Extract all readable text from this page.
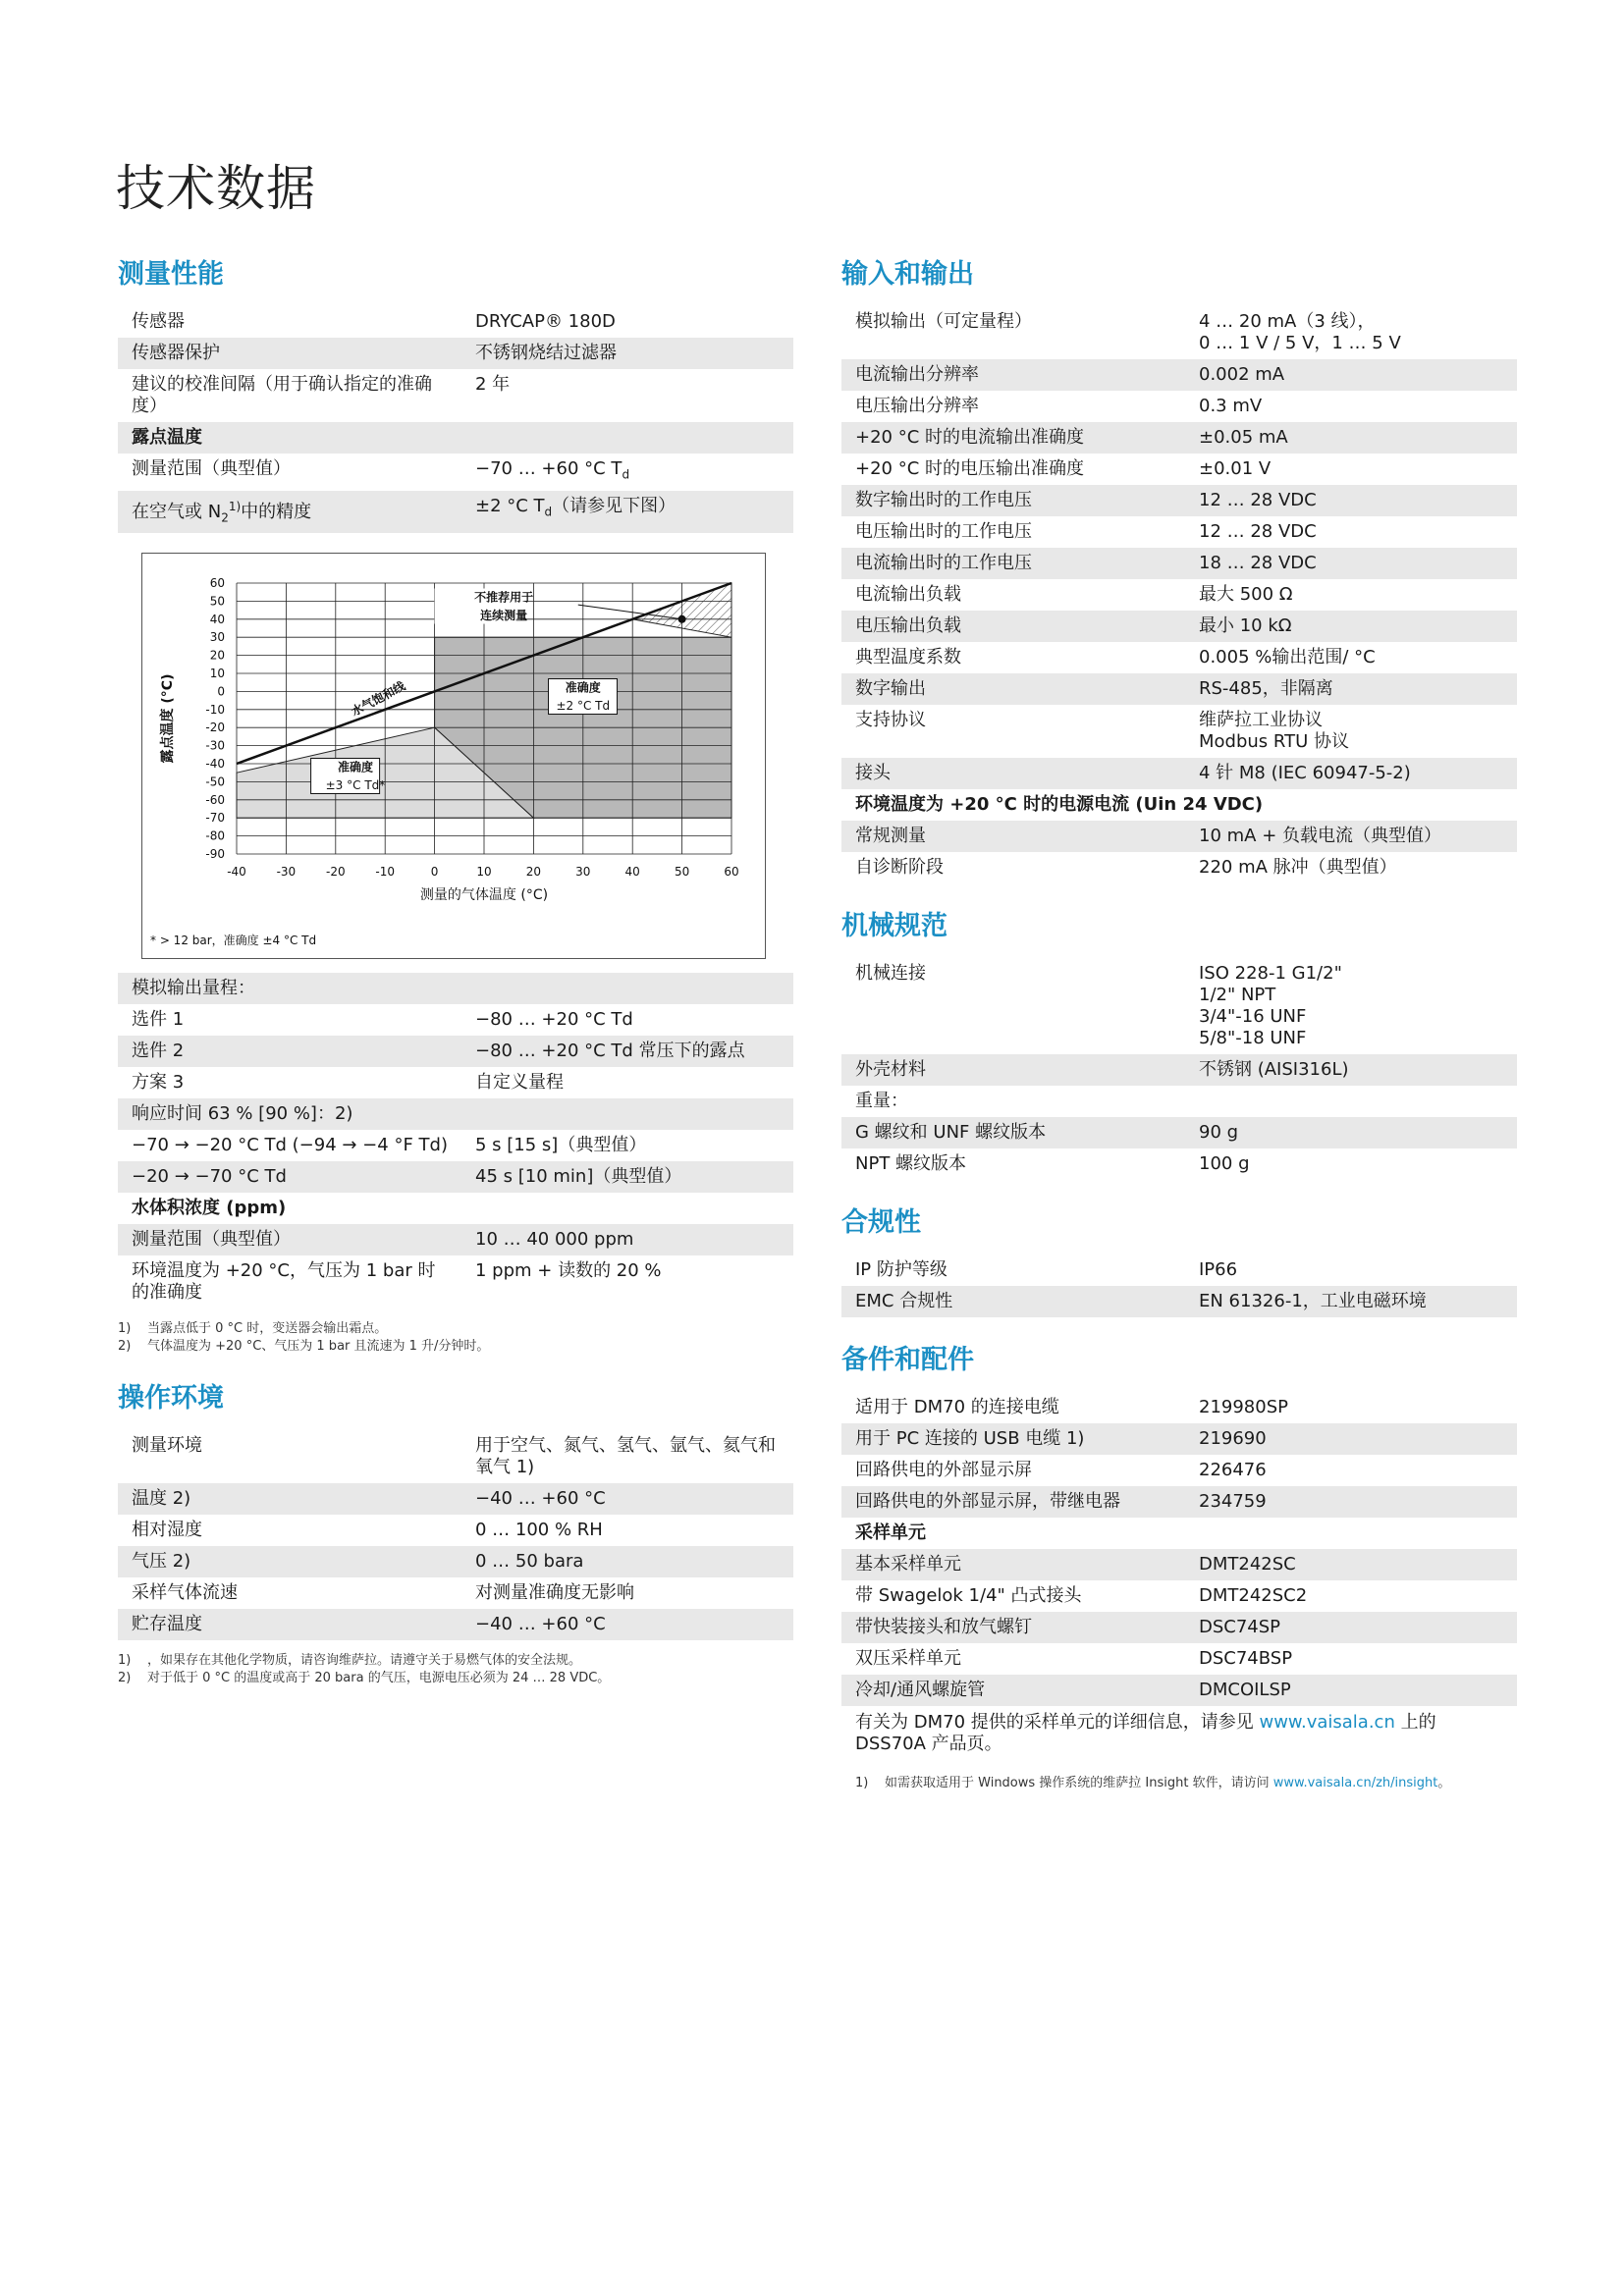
技术数据
测量性能
传感器	DRYCAP® 180D
传感器保护	不锈钢烧结过滤器
建议的校准间隔（用于确认指定的准确度）	2 年
露点温度	
测量范围（典型值）	−70 … +60 °C $T_d$
在空气或 $N_2^{1)}$中的精度	±2 °C $T_d$（请参见下图）
-40	-30	-20	-10	0	10	20	30	40	50	60
60
50
40
30
20
10
0
-10
-20
-30
-40
-50
-60
-70
-80
-90
不推荐用于
连续测量
准确度
±2 °C Td
准确度
±3 °C Td*
水气饱和线
测量的气体温度 (°C)
露点温度 (°C)
* > 12 bar，准确度 ±4 °C Td
模拟输出量程：	
选件 1	−80 … +20 °C Td
选件 2	−80 … +20 °C Td 常压下的露点
方案 3	自定义量程
响应时间 63 % [90 %]：2)	
−70 → −20 °C Td (−94 → −4 °F Td)	5 s [15 s]（典型值）
−20 → −70 °C Td	45 s [10 min]（典型值）
水体积浓度 (ppm)	
测量范围（典型值）	10 … 40 000 ppm
环境温度为 +20 °C，气压为 1 bar 时的准确度	1 ppm + 读数的 20 %
1) 当露点低于 0 °C 时，变送器会输出霜点。
2) 气体温度为 +20 °C、气压为 1 bar 且流速为 1 升/分钟时。
操作环境
测量环境	用于空气、氮气、氢气、氩气、氦气和氧气 1)
温度 2)	−40 … +60 °C
相对湿度	0 … 100 % RH
气压 2)	0 … 50 bara
采样气体流速	对测量准确度无影响
贮存温度	−40 … +60 °C
1) ，如果存在其他化学物质，请咨询维萨拉。请遵守关于易燃气体的安全法规。
2) 对于低于 0 °C 的温度或高于 20 bara 的气压，电源电压必须为 24 … 28 VDC。
输入和输出
模拟输出（可定量程）	4 … 20 mA（3 线），
0 … 1 V / 5 V，1 … 5 V
电流输出分辨率	0.002 mA
电压输出分辨率	0.3 mV
+20 °C 时的电流输出准确度	±0.05 mA
+20 °C 时的电压输出准确度	±0.01 V
数字输出时的工作电压	12 … 28 VDC
电压输出时的工作电压	12 … 28 VDC
电流输出时的工作电压	18 … 28 VDC
电流输出负载	最大 500 Ω
电压输出负载	最小 10 kΩ
典型温度系数	0.005 %输出范围/ °C
数字输出	RS-485，非隔离
支持协议	维萨拉工业协议
Modbus RTU 协议
接头	4 针 M8 (IEC 60947-5-2)
环境温度为 +20 °C 时的电源电流 (Uin 24 VDC)	
常规测量	10 mA + 负载电流（典型值）
自诊断阶段	220 mA 脉冲（典型值）
机械规范
机械连接	ISO 228-1 G1/2"
1/2" NPT
3/4"-16 UNF
5/8"-18 UNF
外壳材料	不锈钢 (AISI316L)
重量：	
G 螺纹和 UNF 螺纹版本	90 g
NPT 螺纹版本	100 g
合规性
IP 防护等级	IP66
EMC 合规性	EN 61326-1，工业电磁环境
备件和配件
适用于 DM70 的连接电缆	219980SP
用于 PC 连接的 USB 电缆 1)	219690
回路供电的外部显示屏	226476
回路供电的外部显示屏，带继电器	234759
采样单元	
基本采样单元	DMT242SC
带 Swagelok 1/4" 凸式接头	DMT242SC2
带快装接头和放气螺钉	DSC74SP
双压采样单元	DSC74BSP
冷却/通风螺旋管	DMCOILSP
有关为 DM70 提供的采样单元的详细信息，请参见 www.vaisala.cn 上的 DSS70A 产品页。
1) 如需获取适用于 Windows 操作系统的维萨拉 Insight 软件，请访问 www.vaisala.cn/zh/insight。
